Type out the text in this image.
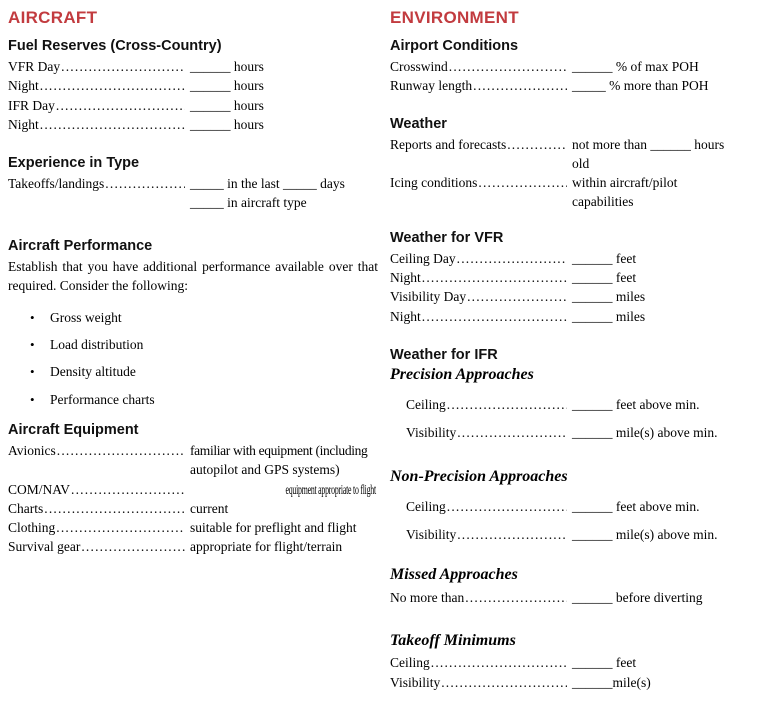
AIRCRAFT
Fuel Reserves (Cross-Country)
VFR Day .....	______ hours
Night .....	______ hours
IFR Day .....	______ hours
Night .....	______ hours
Experience in Type
Takeoffs/landings .....	_____ in the last _____ days
_____ in aircraft type
Aircraft Performance

Establish that you have additional performance available over that required. Consider the following:

• Gross weight
• Load distribution
• Density altitude
• Performance charts
Aircraft Equipment
Avionics .....	familiar with equipment (including
autopilot and GPS systems)
COM/NAV .....	equipment appropriate to flight
Charts .....	current
Clothing .....	suitable for preflight and flight
Survival gear .....	appropriate for flight/terrain
ENVIRONMENT
Airport Conditions
Crosswind .....	______ % of max POH
Runway length .....	_____ % more than POH
Weather
Reports and forecasts .....	not more than ______ hours
old
Icing conditions .....	within aircraft/pilot
capabilities
Weather for VFR
Ceiling Day .....	______ feet
Night .....	______ feet
Visibility Day .....	______ miles
Night .....	______ miles
Weather for IFR
Precision Approaches
Ceiling .....	______ feet above min.
Visibility .....	______ mile(s) above min.
Non-Precision Approaches
Ceiling .....	______ feet above min.
Visibility .....	______ mile(s) above min.
Missed Approaches
No more than .....	______ before diverting
Takeoff Minimums
Ceiling .....	______ feet
Visibility .....	______mile(s)
